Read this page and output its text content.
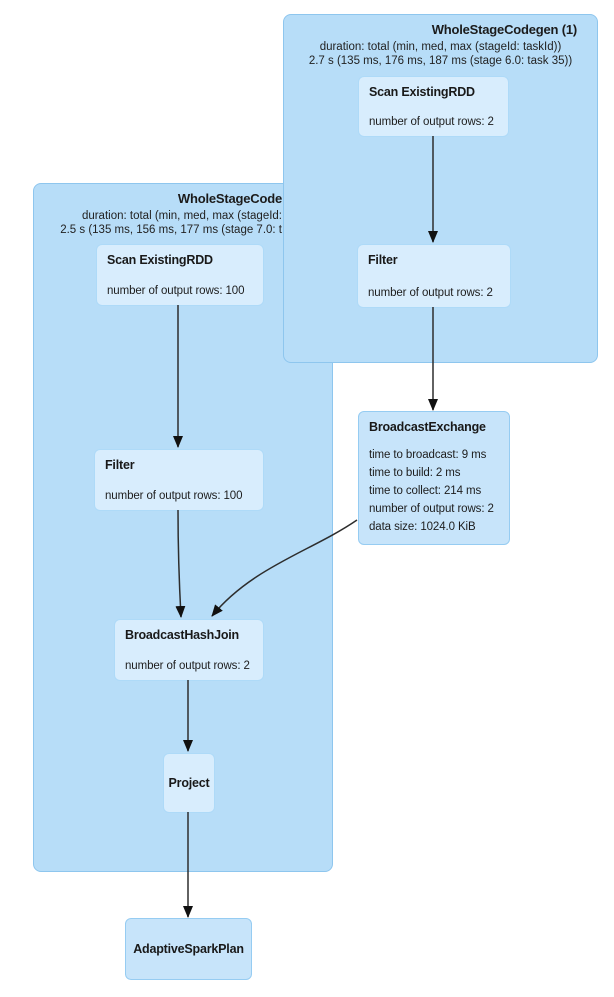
WholeStageCode
duration: total (min, med, max (stageId:
2.5 s (135 ms, 156 ms, 177 ms (stage 7.0: t
Scan ExistingRDD
number of output rows: 100
Filter
number of output rows: 100
BroadcastHashJoin
number of output rows: 2
Project
WholeStageCodegen (1)
duration: total (min, med, max (stageId: taskId))
2.7 s (135 ms, 176 ms, 187 ms (stage 6.0: task 35))
Scan ExistingRDD
number of output rows: 2
Filter
number of output rows: 2
BroadcastExchange
time to broadcast: 9 ms
time to build: 2 ms
time to collect: 214 ms
number of output rows: 2
data size: 1024.0 KiB
AdaptiveSparkPlan
